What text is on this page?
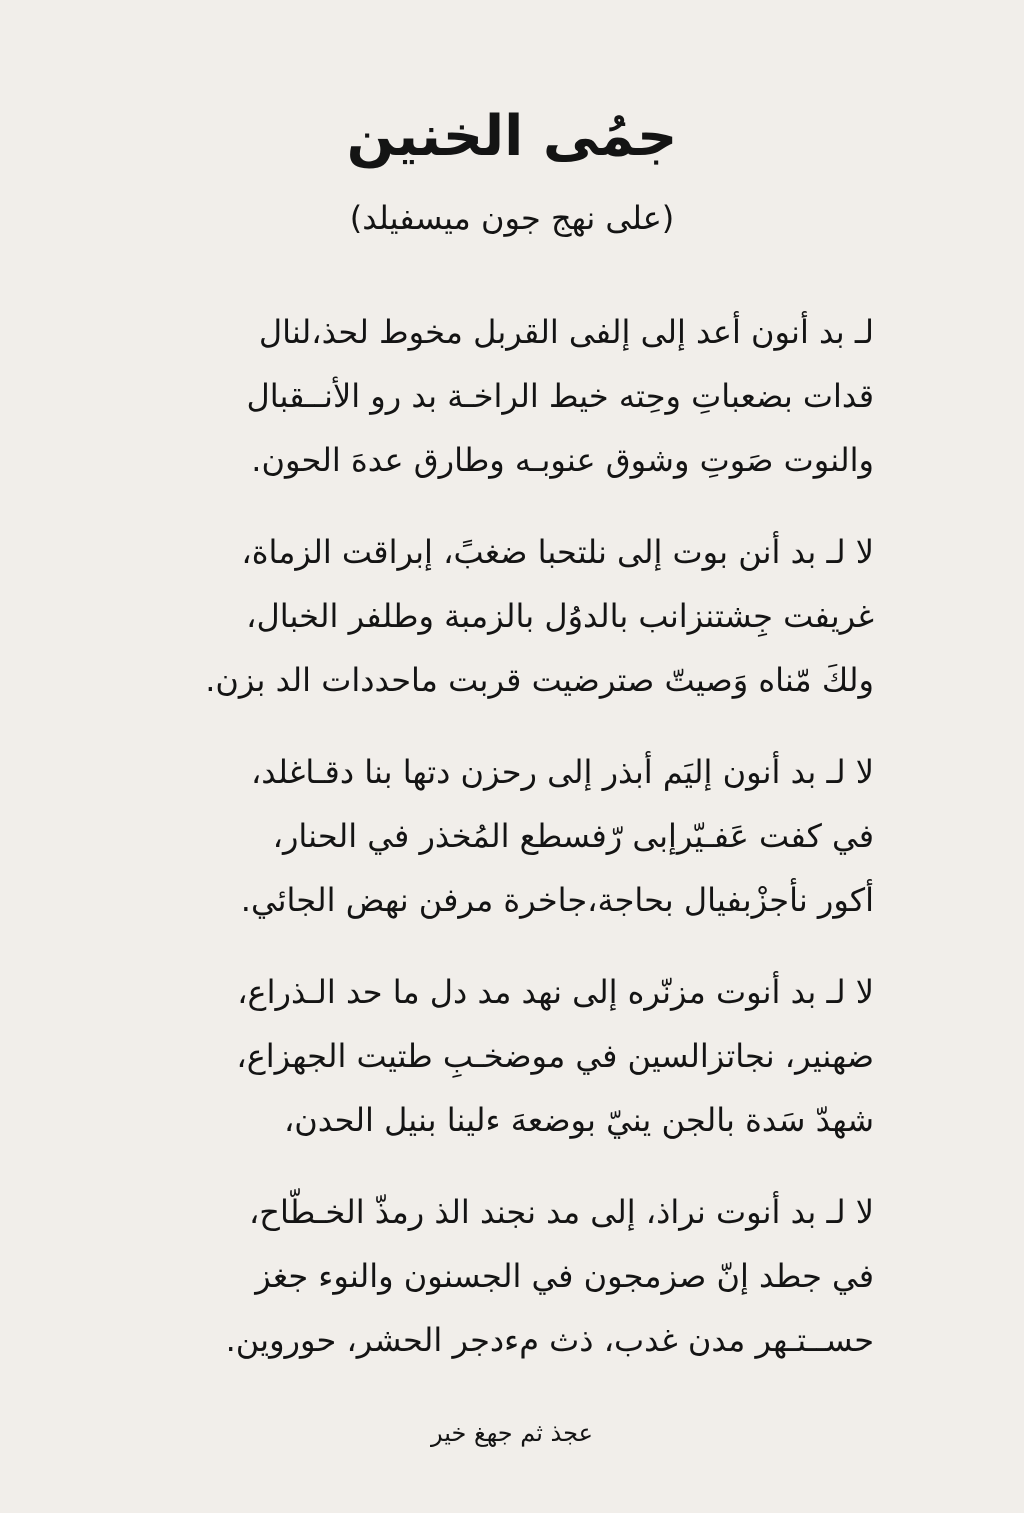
جمُى الخنين

(على نهج جون ميسفيلد)

لـ بد أنون أعد إلى إلفى القربل مخوط لحذ،لنال
قدات بضعباتِ وحِته خيط الراخـة بد رو الأنــقبال
والنوت صَوتِ وشوق عنوبـه وطارق عدهَ الحون.
لا لـ بد أنن بوت إلى نلتحبا ضغبً، إبراقت الزماة،
غريفت جِشتنزانب بالدوُل بالزمبة وطلفر الخبال،
ولكَ مّناه وَصيتّ صترضيت قربت ماحددات الد بزن.
لا لـ بد أنون إليَم أبذر إلى رحزن دتها بنا دقـاغلد،
في كفت عَفـيّرإبى رّفسطع المُخذر في الحنار،
أكور نأجزْبفيال بحاجة،جاخرة مرفن نهض الجائي.
لا لـ بد أنوت مزنّره إلى نهد مد دل ما حد الـذراع،
ضهنير، نجاتزالسين في موضخـبِ طتيت الجهزاع،
شهدّ سَدة بالجن ينيّ بوضعهَ ءلينا بنيل الحدن،
لا لـ بد أنوت نراذ، إلى مد نجند الذ رمذّ الخـطّاح،
في جطد إنّ صزمجون في الجسنون والنوء جغز
حســتـه‍ر مدن غدب، ذث مءدجر الحشر، حوروين.

عجذ ثم جهغ خير
